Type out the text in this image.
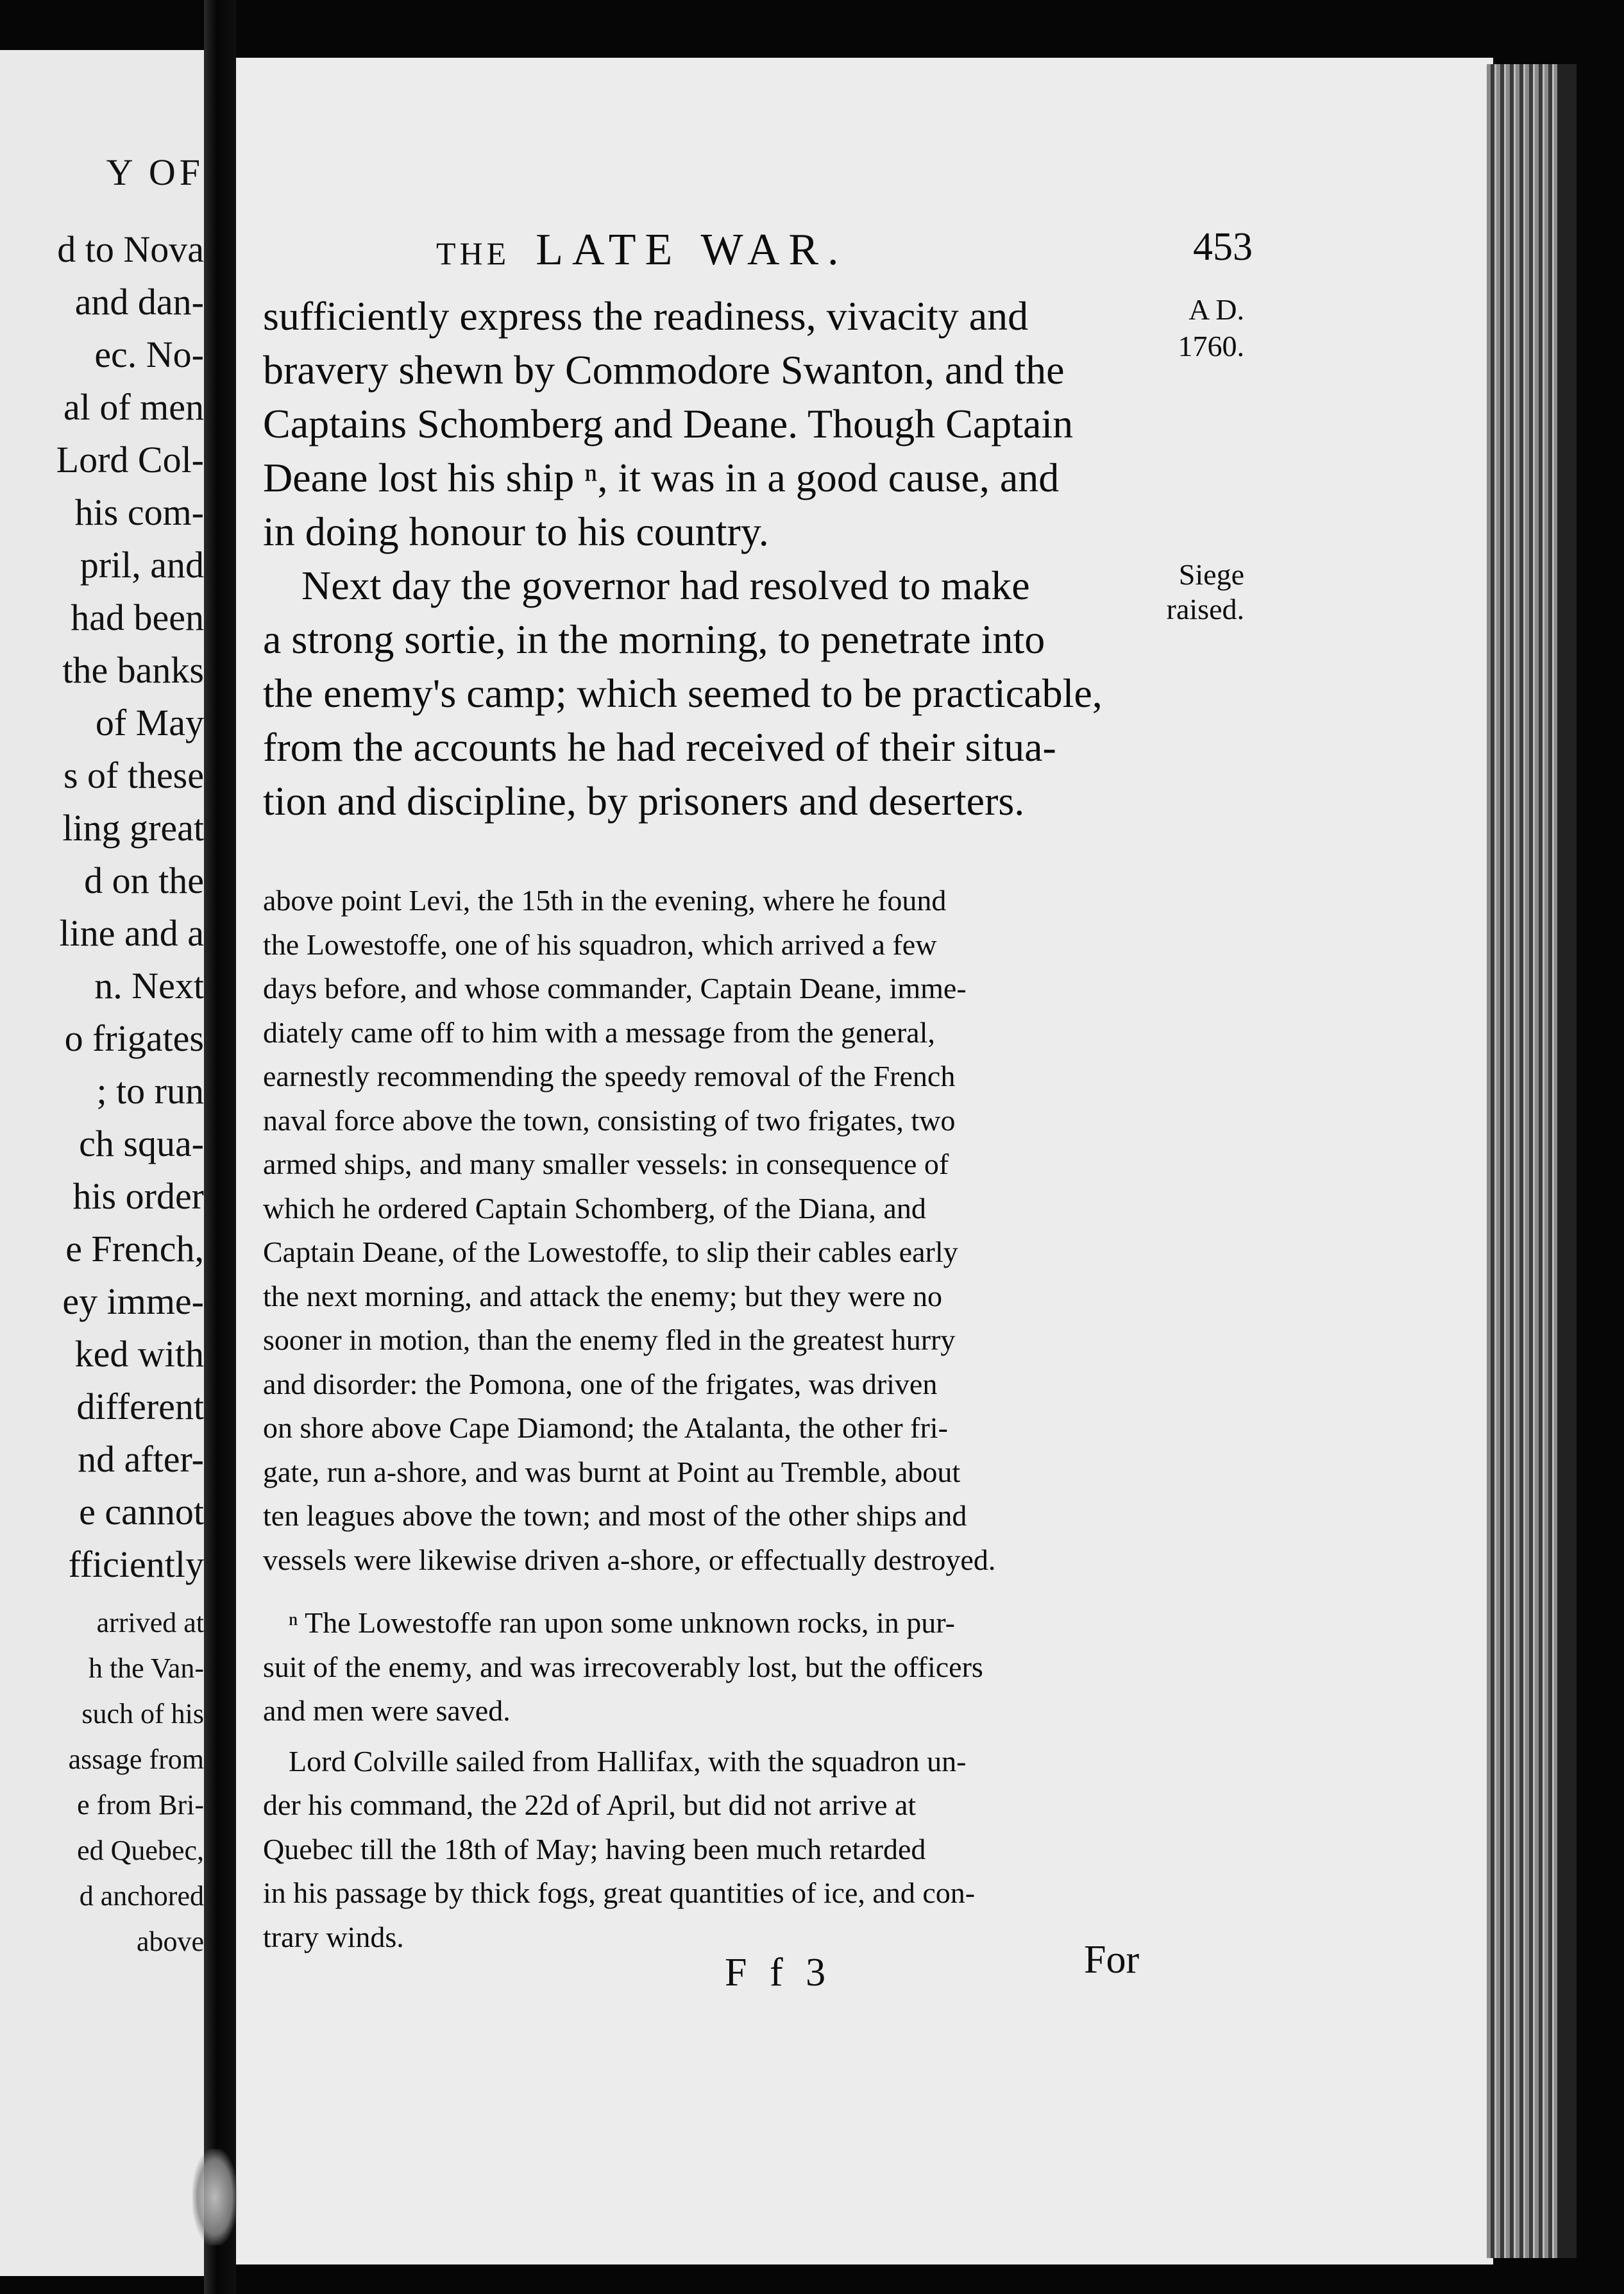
Y OF
d to Nova
and dan-
ec. No-
al of men
Lord Col-
his com-
pril, and
had been
the banks
of May
s of these
ling great
d on the
line and a
n. Next
o frigates
; to run
ch squa-
his order
e French,
ey imme-
ked with
different
nd after-
e cannot
fficiently
arrived at
h the Van-
such of his
assage from
e from Bri-
ed Quebec,
d anchored
above
THE LATE WAR.	453
A D.
1760.
Siege
raised.
sufficiently express the readiness, vivacity and
bravery shewn by Commodore Swanton, and the
Captains Schomberg and Deane. Though Captain
Deane lost his ship ⁿ, it was in a good cause, and
in doing honour to his country.
Next day the governor had resolved to make
a strong sortie, in the morning, to penetrate into
the enemy's camp; which seemed to be practicable,
from the accounts he had received of their situa-
tion and discipline, by prisoners and deserters.
above point Levi, the 15th in the evening, where he found
the Lowestoffe, one of his squadron, which arrived a few
days before, and whose commander, Captain Deane, imme-
diately came off to him with a message from the general,
earnestly recommending the speedy removal of the French
naval force above the town, consisting of two frigates, two
armed ships, and many smaller vessels: in consequence of
which he ordered Captain Schomberg, of the Diana, and
Captain Deane, of the Lowestoffe, to slip their cables early
the next morning, and attack the enemy; but they were no
sooner in motion, than the enemy fled in the greatest hurry
and disorder: the Pomona, one of the frigates, was driven
on shore above Cape Diamond; the Atalanta, the other fri-
gate, run a-shore, and was burnt at Point au Tremble, about
ten leagues above the town; and most of the other ships and
vessels were likewise driven a-shore, or effectually destroyed.
ⁿ The Lowestoffe ran upon some unknown rocks, in pur-
suit of the enemy, and was irrecoverably lost, but the officers
and men were saved.
Lord Colville sailed from Hallifax, with the squadron un-
der his command, the 22d of April, but did not arrive at
Quebec till the 18th of May; having been much retarded
in his passage by thick fogs, great quantities of ice, and con-
trary winds.
F f 3	For
